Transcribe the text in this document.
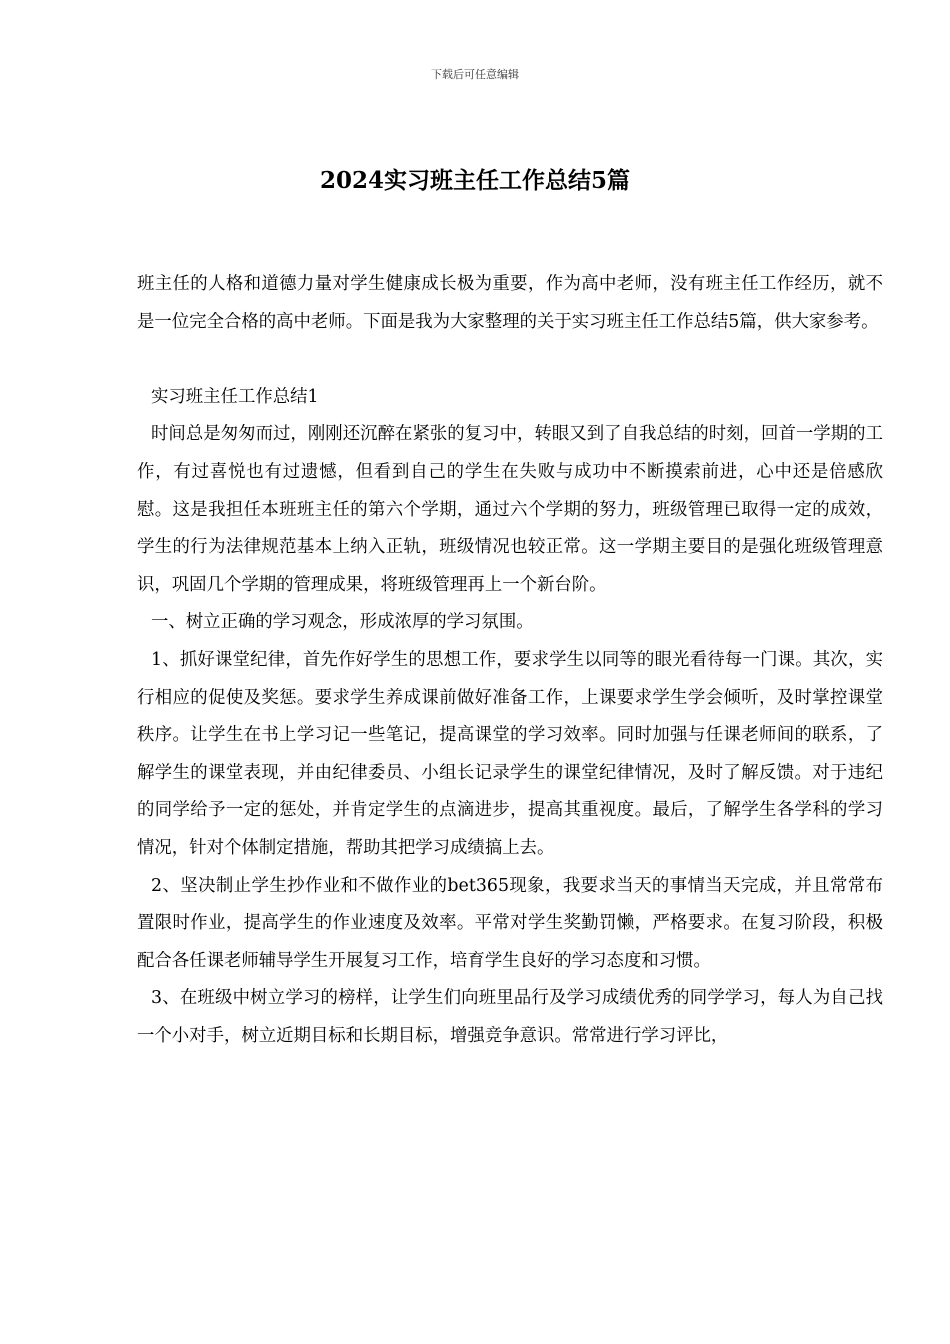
下载后可任意编辑
2024实习班主任工作总结5篇

班主任的人格和道德力量对学生健康成长极为重要，作为高中老师，没有班主任工作经历，就不是一位完全合格的高中老师。下面是我为大家整理的关于实习班主任工作总结5篇，供大家参考。

实习班主任工作总结1

时间总是匆匆而过，刚刚还沉醉在紧张的复习中，转眼又到了自我总结的时刻，回首一学期的工作，有过喜悦也有过遗憾，但看到自己的学生在失败与成功中不断摸索前进，心中还是倍感欣慰。这是我担任本班班主任的第六个学期，通过六个学期的努力，班级管理已取得一定的成效，学生的行为法律规范基本上纳入正轨，班级情况也较正常。这一学期主要目的是强化班级管理意识，巩固几个学期的管理成果，将班级管理再上一个新台阶。

一、树立正确的学习观念，形成浓厚的学习氛围。

1、抓好课堂纪律，首先作好学生的思想工作，要求学生以同等的眼光看待每一门课。其次，实行相应的促使及奖惩。要求学生养成课前做好准备工作，上课要求学生学会倾听，及时掌控课堂秩序。让学生在书上学习记一些笔记，提高课堂的学习效率。同时加强与任课老师间的联系，了解学生的课堂表现，并由纪律委员、小组长记录学生的课堂纪律情况，及时了解反馈。对于违纪的同学给予一定的惩处，并肯定学生的点滴进步，提高其重视度。最后，了解学生各学科的学习情况，针对个体制定措施，帮助其把学习成绩搞上去。

2、坚决制止学生抄作业和不做作业的bet365现象，我要求当天的事情当天完成，并且常常布置限时作业，提高学生的作业速度及效率。平常对学生奖勤罚懒，严格要求。在复习阶段，积极配合各任课老师辅导学生开展复习工作，培育学生良好的学习态度和习惯。

3、在班级中树立学习的榜样，让学生们向班里品行及学习成绩优秀的同学学习，每人为自己找一个小对手，树立近期目标和长期目标，增强竞争意识。常常进行学习评比，
